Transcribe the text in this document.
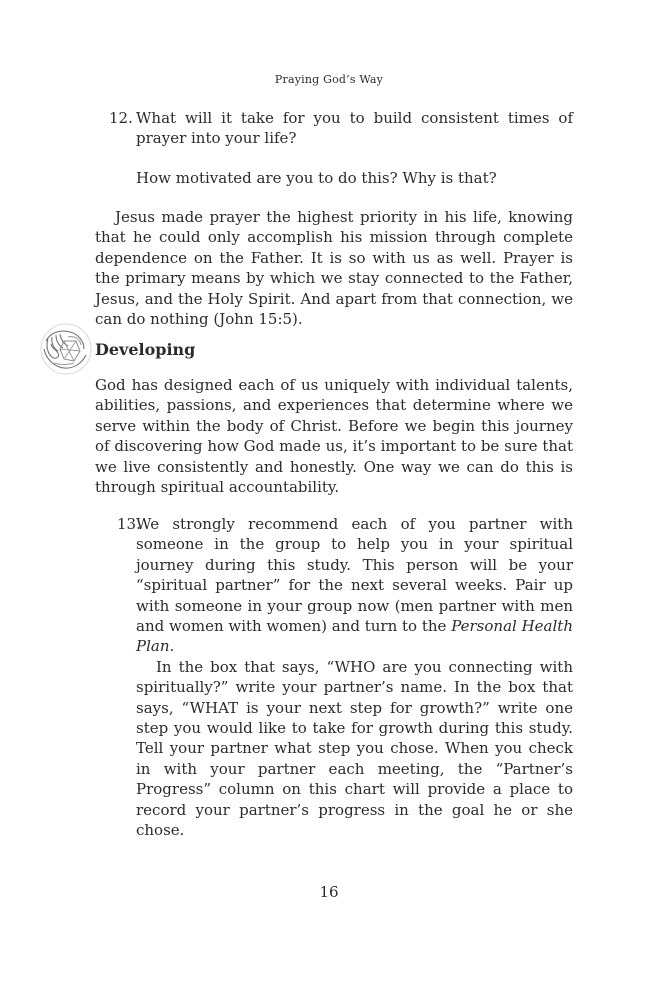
Praying God’s Way
12. What will it take for you to build consistent times of prayer into your life?
How motivated are you to do this? Why is that?
Jesus made prayer the highest priority in his life, knowing that he could only accomplish his mission through complete dependence on the Father. It is so with us as well. Prayer is the primary means by which we stay connected to the Father, Jesus, and the Holy Spirit. And apart from that connection, we can do nothing (John 15:5).
Developing
God has designed each of us uniquely with individual talents, abilities, passions, and experiences that determine where we serve within the body of Christ. Before we begin this journey of discovering how God made us, it’s important to be sure that we live consistently and honestly. One way we can do this is through spiritual accountability.
13.
We strongly recommend each of you partner with someone in the group to help you in your spiritual journey during this study. This person will be your “spiritual partner” for the next several weeks. Pair up with someone in your group now (men partner with men and women with women) and turn to the Personal Health Plan.
In the box that says, “WHO are you connecting with spiritually?” write your partner’s name. In the box that says, “WHAT is your next step for growth?” write one step you would like to take for growth during this study. Tell your partner what step you chose. When you check in with your partner each meeting, the “Partner’s Progress” column on this chart will provide a place to record your partner’s progress in the goal he or she chose.
16
